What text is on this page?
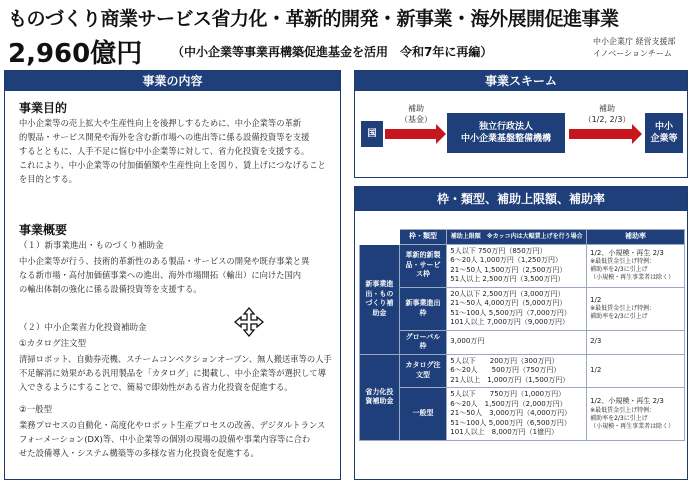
ものづくり商業サービス省力化・革新的開発・新事業・海外展開促進事業
2,960億円 （中小企業等事業再構築促進基金を活用　令和7年に再編）
中小企業庁 経営支援部
イノベーションチーム
事業の内容
事業目的
中小企業等の売上拡大や生産性向上を後押しするために、中小企業等の革新
的製品・サービス開発や海外を含む新市場への進出等に係る設備投資等を支援
するとともに、人手不足に悩む中小企業等に対して、省力化投資を支援する。
これにより、中小企業等の付加価値額や生産性向上を図り、賃上げにつなげること
を目的とする。
事業概要
（１）新事業進出・ものづくり補助金
中小企業等が行う、技術的革新性のある製品・サービスの開発や既存事業と異
なる新市場・高付加価値事業への進出、海外市場開拓（輸出）に向けた国内
の輸出体制の強化に係る設備投資等を支援する。
（２）中小企業省力化投資補助金
①カタログ注文型
清掃ロボット、自動券売機、スチームコンベクションオーブン、無人搬送車等の人手
不足解消に効果がある汎用製品を「カタログ」に掲載し、中小企業等が選択して導
入できるようにすることで、簡易で即効性がある省力化投資を促進する。
②一般型
業務プロセスの自動化・高度化やロボット生産プロセスの改善、デジタルトランス
フォーメーション(DX)等、中小企業等の個別の現場の設備や事業内容等に合わ
せた設備導入・システム構築等の多様な省力化投資を促進する。
事業スキーム
国
補助
（基金）
独立行政法人
中小企業基盤整備機構
補助
（1/2, 2/3）
中小
企業等
枠・類型、補助上限額、補助率
	枠・類型	補助上限額　※カッコ内は大幅賃上げを行う場合	補助率
新事業進出・ものづくり補助金	革新的新製品・サービス枠	5人以下 750万円（850万円）
6～20人 1,000万円（1,250万円）
21～50人 1,500万円（2,500万円）
51人以上 2,500万円（3,500万円）	1/2、小規模・再生 2/3
※最低賃金引上げ特例：
補助率を2/3に引上げ
（小規模・再生事業者は除く）

	新事業進出枠	20人以下 2,500万円（3,000万円）
21～50人 4,000万円（5,000万円）
51～100人 5,500万円（7,000万円）
101人以上 7,000万円（9,000万円）	1/2
※最低賃金引上げ特例：
補助率を2/3に引上げ

	グローバル枠	3,000万円	2/3

省力化投資補助金	カタログ注文型	5人以下　　200万円（300万円）
6～20人　　500万円（750万円）
21人以上　1,000万円（1,500万円）	1/2

	一般型	5人以下　　750万円（1,000万円）
6～20人　1,500万円（2,000万円）
21～50人　3,000万円（4,000万円）
51～100人 5,000万円（6,500万円）
101人以上　8,000万円（1億円）	1/2、小規模・再生 2/3
※最低賃金引上げ特例：
補助率を2/3に引上げ
（小規模・再生事業者は除く）
